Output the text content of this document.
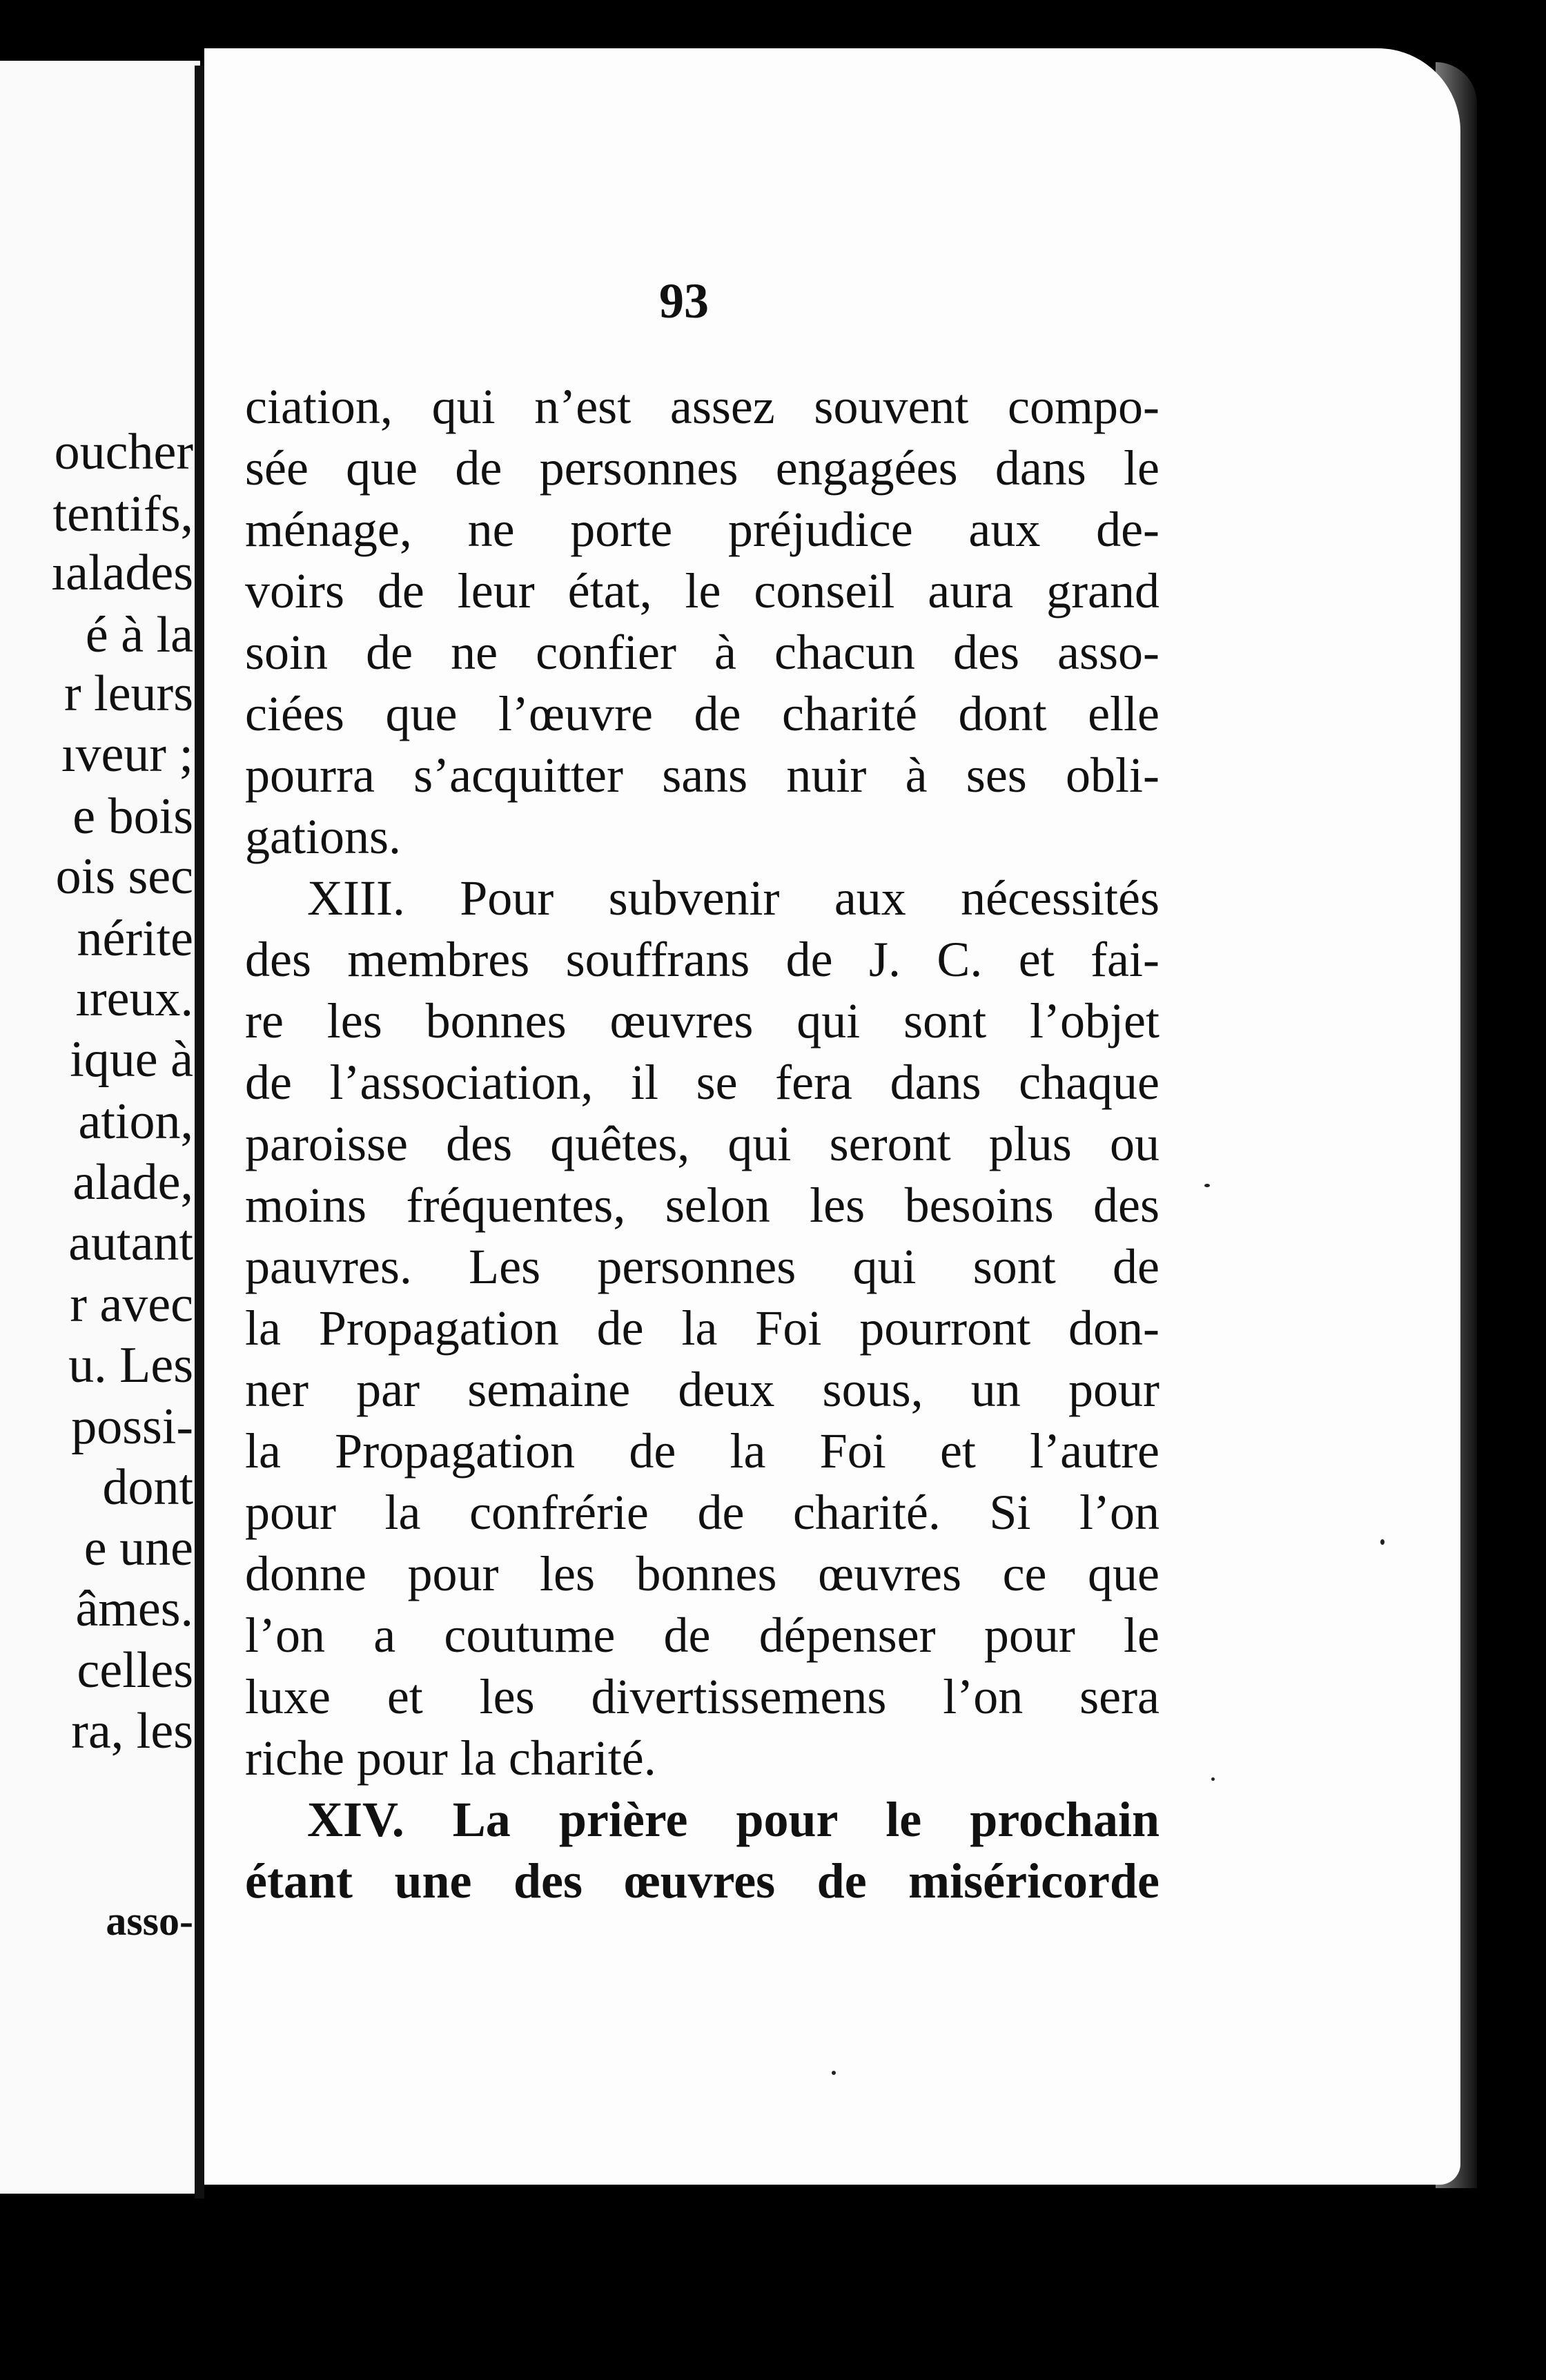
oucher
tentifs,
ıalades
é à la
r leurs
ıveur ;
e bois
ois sec
nérite
ıreux.
ique à
ation,
alade,
autant
r avec
u. Les
possi-
dont
e une
âmes.
celles
ra, les
asso-
93
ciation, qui n’est assez souvent compo-
sée que de personnes engagées dans le
ménage, ne porte préjudice aux de-
voirs de leur état, le conseil aura grand
soin de ne confier à chacun des asso-
ciées que l’œuvre de charité dont elle
pourra s’acquitter sans nuir à ses obli-
gations.
XIII. Pour subvenir aux nécessités
des membres souffrans de J. C. et fai-
re les bonnes œuvres qui sont l’objet
de l’association, il se fera dans chaque
paroisse des quêtes, qui seront plus ou
moins fréquentes, selon les besoins des
pauvres. Les personnes qui sont de
la Propagation de la Foi pourront don-
ner par semaine deux sous, un pour
la Propagation de la Foi et l’autre
pour la confrérie de charité. Si l’on
donne pour les bonnes œuvres ce que
l’on a coutume de dépenser pour le
luxe et les divertissemens l’on sera
riche pour la charité.
XIV. La prière pour le prochain
étant une des œuvres de miséricorde
